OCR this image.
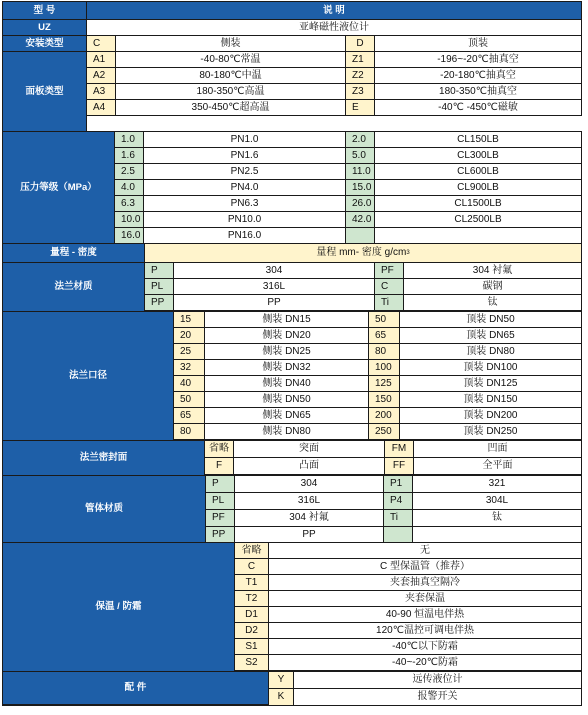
型 号	说 明
UZ	亚峰磁性液位计
安装类型	C	侧装	D	顶装
面板类型
A1	-40-80℃常温	Z1	-196~-20℃抽真空
A2	80-180℃中温	Z2	-20-180℃抽真空
A3	180-350℃高温	Z3	180-350℃抽真空
A4	350-450℃超高温	E	-40℃ -450℃磁敏
压力等级（MPa）
1.0	PN1.0	2.0	CL150LB
1.6	PN1.6	5.0	CL300LB
2.5	PN2.5	11.0	CL600LB
4.0	PN4.0	15.0	CL900LB
6.3	PN6.3	26.0	CL1500LB
10.0	PN10.0	42.0	CL2500LB
16.0	PN16.0
量程 - 密度	量程 mm- 密度 g/cm 3
法兰材质
P	304	PF	304 衬氟
PL	316L	C	碳钢
PP	PP	Ti	钛
法兰口径
15	侧装 DN15	50	顶装 DN50
20	侧装 DN20	65	顶装 DN65
25	侧装 DN25	80	顶装 DN80
32	侧装 DN32	100	顶装 DN100
40	侧装 DN40	125	顶装 DN125
50	侧装 DN50	150	顶装 DN150
65	侧装 DN65	200	顶装 DN200
80	侧装 DN80	250	顶装 DN250
法兰密封面
省略	突面	FM	凹面
F	凸面	FF	全平面
管体材质
P	304	P1	321
PL	316L	P4	304L
PF	304 衬氟	Ti	钛
PP	PP
保温 / 防霜
省略	无
C	C 型保温管（推荐）
T1	夹套抽真空隔冷
T2	夹套保温
D1	40-90 恒温电伴热
D2	120℃温控可调电伴热
S1	-40℃以下防霜
S2	-40~-20℃防霜
配 件
Y	远传液位计
K	报警开关
